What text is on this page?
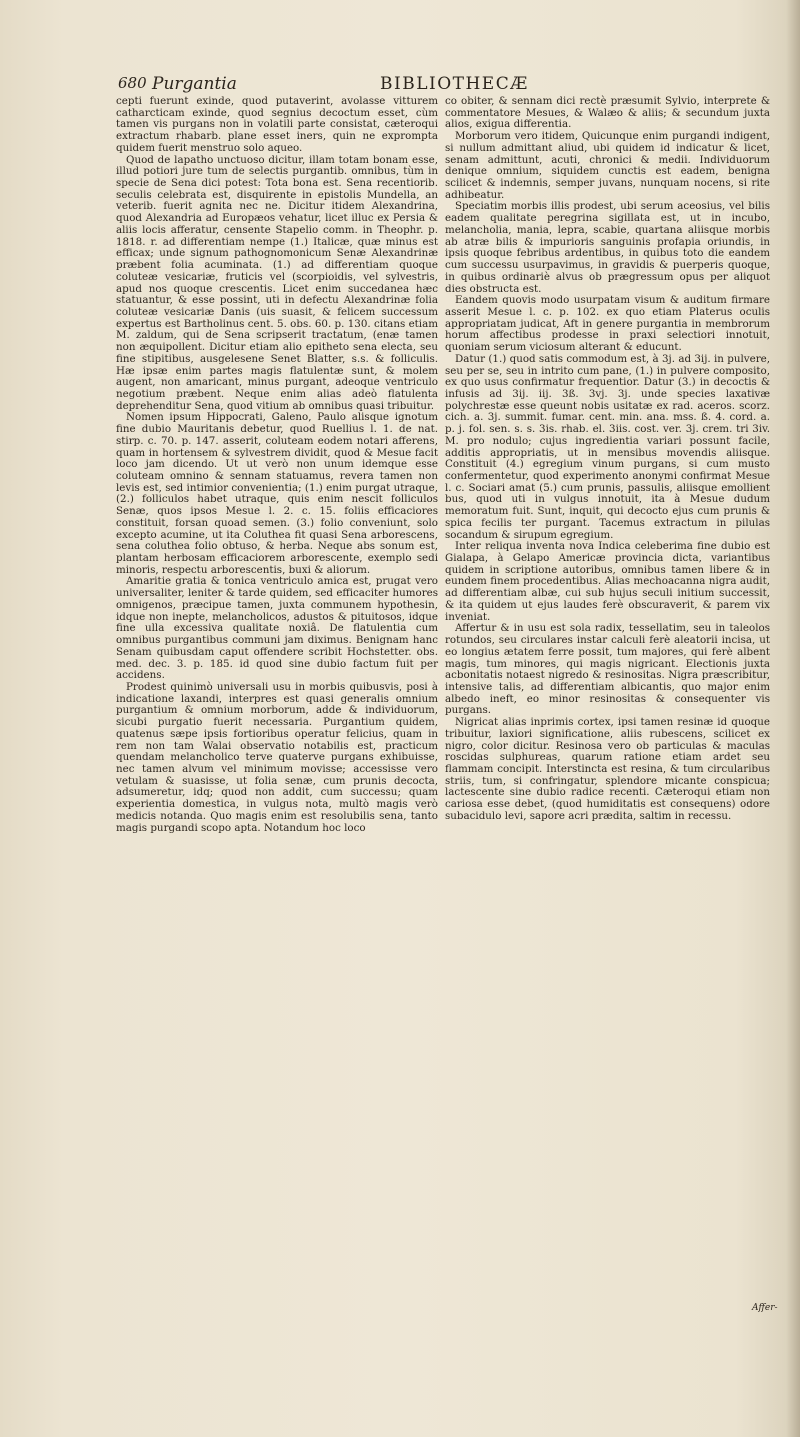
680 Purgantia	BIBLIOTHECÆ

cepti fuerunt exinde, quod putaverint, avolasse vitturem catharcticam exinde, quod segnius decoctum esset, cùm tamen vis purgans non in volatili parte consistat, cæteroqui extractum rhabarb. plane esset iners, quin ne exprompta quidem fuerit menstruo solo aqueo.

Quod de lapatho unctuoso dicitur, illam totam bonam esse, illud potiori jure tum de selectis purgantib. omnibus, tùm in specie de Sena dici potest: Tota bona est. Sena recentiorib. seculis celebrata est, disquirente in epistolis Mundella, an veterib. fuerit agnita nec ne. Dicitur itidem Alexandrina, quod Alexandria ad Europæos vehatur, licet illuc ex Persia & aliis locis afferatur, censente Stapelio comm. in Theophr. p. 1818. r. ad differentiam nempe (1.) Italicæ, quæ minus est efficax; unde signum pathognomonicum Senæ Alexandrinæ præbent folia acuminata. (1.) ad differentiam quoque coluteæ vesicariæ, fruticis vel (scorpioidis, vel sylvestris, apud nos quoque crescentis. Licet enim succedanea hæc statuantur, & esse possint, uti in defectu Alexandrinæ folia coluteæ vesicariæ Danis (uis suasit, & felicem successum expertus est Bartholinus cent. 5. obs. 60. p. 130. citans etiam M. zaldum, qui de Sena scripserit tractatum, (enæ tamen non æquipollent. Dicitur etiam alio epitheto sena electa, seu fine stipitibus, ausgelesene Senet Blatter, s.s. & folliculis. Hæ ipsæ enim partes magis flatulentæ sunt, & molem augent, non amaricant, minus purgant, adeoque ventriculo negotium præbent. Neque enim alias adeò flatulenta deprehenditur Sena, quod vitium ab omnibus quasi tribuitur.

Nomen ipsum Hippocrati, Galeno, Paulo alisque ignotum fine dubio Mauritanis debetur, quod Ruellius l. 1. de nat. stirp. c. 70. p. 147. asserit, coluteam eodem notari afferens, quam in hortensem & sylvestrem dividit, quod & Mesue facit loco jam dicendo. Ut ut verò non unum idemque esse coluteam omnino & sennam statuamus, revera tamen non levis est, sed intimior convenientia; (1.) enim purgat utraque, (2.) folliculos habet utraque, quis enim nescit folliculos Senæ, quos ipsos Mesue l. 2. c. 15. foliis efficaciores constituit, forsan quoad semen. (3.) folio conveniunt, solo excepto acumine, ut ita Coluthea fit quasi Sena arborescens, sena coluthea folio obtuso, & herba. Neque abs sonum est, plantam herbosam efficaciorem arborescente, exemplo sedi minoris, respectu arborescentis, buxi & aliorum.

Amaritie gratia & tonica ventriculo amica est, prugat vero universaliter, leniter & tarde quidem, sed efficaciter humores omnigenos, præcipue tamen, juxta communem hypothesin, idque non inepte, melancholicos, adustos & pituitosos, idque fine ulla excessiva qualitate noxiâ. De flatulentia cum omnibus purgantibus communi jam diximus. Benignam hanc Senam quibusdam caput offendere scribit Hochstetter. obs. med. dec. 3. p. 185. id quod sine dubio factum fuit per accidens.

Prodest quinimò universali usu in morbis quibusvis, posi à indicatione laxandi, interpres est quasi generalis omnium purgantium & omnium morborum, adde & individuorum, sicubi purgatio fuerit necessaria. Purgantium quidem, quatenus sæpe ipsis fortioribus operatur felicius, quam in rem non tam Walai observatio notabilis est, practicum quendam melancholico terve quaterve purgans exhibuisse, nec tamen alvum vel minimum movisse; accessisse vero vetulam & suasisse, ut folia senæ, cum prunis decocta, adsumeretur, idq; quod non addit, cum successu; quam experientia domestica, in vulgus nota, multò magis verò medicis notanda. Quo magis enim est resolubilis sena, tanto magis purgandi scopo apta. Notandum hoc loco

co obiter, & sennam dici rectè præsumit Sylvio, interprete & commentatore Mesues, & Walæo & aliis; & secundum juxta alios, exigua differentia.

Morborum vero itidem, Quicunque enim purgandi indigent, si nullum admittant aliud, ubi quidem id indicatur & licet, senam admittunt, acuti, chronici & medii. Individuorum denique omnium, siquidem cunctis est eadem, benigna scilicet & indemnis, semper juvans, nunquam nocens, si rite adhibeatur.

Speciatim morbis illis prodest, ubi serum aceosius, vel bilis eadem qualitate peregrina sigillata est, ut in incubo, melancholia, mania, lepra, scabie, quartana aliisque morbis ab atræ bilis & impurioris sanguinis profapia oriundis, in ipsis quoque febribus ardentibus, in quibus toto die eandem cum successu usurpavimus, in gravidis & puerperis quoque, in quibus ordinariè alvus ob prægressum opus per aliquot dies obstructa est.

Eandem quovis modo usurpatam visum & auditum firmare asserit Mesue l. c. p. 102. ex quo etiam Platerus oculis appropriatam judicat, Aft in genere purgantia in membrorum horum affectibus prodesse in praxi selectiori innotuit, quoniam serum viciosum alterant & educunt.

Datur (1.) quod satis commodum est, à 3j. ad 3ij. in pulvere, seu per se, seu in intrito cum pane, (1.) in pulvere composito, ex quo usus confirmatur frequentior. Datur (3.) in decoctis & infusis ad 3ij. iij. 3ß. 3vj. 3j. unde species laxativæ polychrestæ esse queunt nobis usitatæ ex rad. aceros. scorz. cich. a. 3j. summit. fumar. cent. min. ana. mss. ß. 4. cord. a. p. j. fol. sen. s. s. 3is. rhab. el. 3iis. cost. ver. 3j. crem. tri 3iv. M. pro nodulo; cujus ingredientia variari possunt facile, additis appropriatis, ut in mensibus movendis aliisque. Constituit (4.) egregium vinum purgans, si cum musto confermentetur, quod experimento anonymi confirmat Mesue l. c. Sociari amat (5.) cum prunis, passulis, aliisque emollient bus, quod uti in vulgus innotuit, ita à Mesue dudum memoratum fuit. Sunt, inquit, qui decocto ejus cum prunis & spica fecilis ter purgant. Tacemus extractum in pilulas socandum & sirupum egregium.

Inter reliqua inventa nova Indica celeberima fine dubio est Gialapa, à Gelapo Americæ provincia dicta, variantibus quidem in scriptione autoribus, omnibus tamen libere & in eundem finem procedentibus. Alias mechoacanna nigra audit, ad differentiam albæ, cui sub hujus seculi initium successit, & ita quidem ut ejus laudes ferè obscuraverit, & parem vix inveniat.

Affertur & in usu est sola radix, tessellatim, seu in taleolos rotundos, seu circulares instar calculi ferè aleatorii incisa, ut eo longius ætatem ferre possit, tum majores, qui ferè albent magis, tum minores, qui magis nigricant. Electionis juxta acbonitatis notaest nigredo & resinositas. Nigra præscribitur, intensive talis, ad differentiam albicantis, quo major enim albedo ineft, eo minor resinositas & consequenter vis purgans.

Nigricat alias inprimis cortex, ipsi tamen resinæ id quoque tribuitur, laxiori significatione, aliis rubescens, scilicet ex nigro, color dicitur. Resinosa vero ob particulas & maculas roscidas sulphureas, quarum ratione etiam ardet seu flammam concipit. Interstincta est resina, & tum circularibus striis, tum, si confringatur, splendore micante conspicua; lactescente sine dubio radice recenti. Cæteroqui etiam non cariosa esse debet, (quod humiditatis est consequens) odore subacidulo levi, sapore acri prædita, saltim in recessu.

Affer-
